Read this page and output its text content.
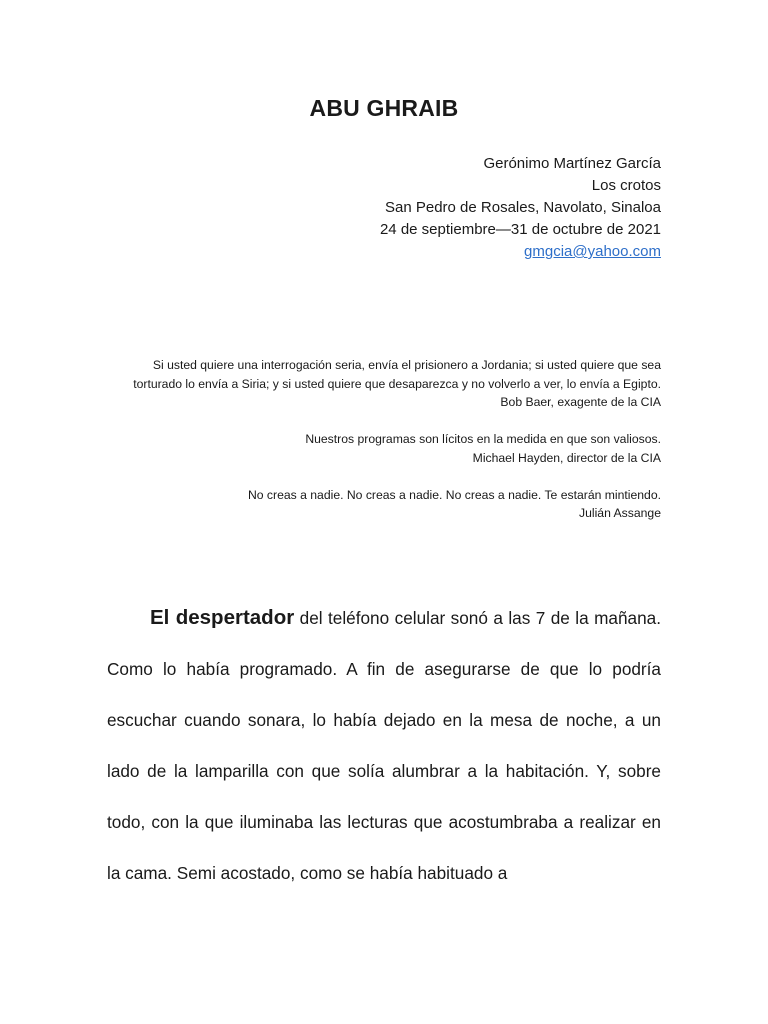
ABU GHRAIB
Gerónimo Martínez García
Los crotos
San Pedro de Rosales, Navolato, Sinaloa
24 de septiembre—31 de octubre de 2021
gmgcia@yahoo.com

Si usted quiere una interrogación seria, envía el prisionero a Jordania; si usted quiere que sea torturado lo envía a Siria; y si usted quiere que desaparezca y no volverlo a ver, lo envía a Egipto.

Bob Baer, exagente de la CIA

Nuestros programas son lícitos en la medida en que son valiosos.

Michael Hayden, director de la CIA

No creas a nadie. No creas a nadie. No creas a nadie. Te estarán mintiendo.

Julián Assange

El despertador del teléfono celular sonó a las 7 de la mañana. Como lo había programado. A fin de asegurarse de que lo podría escuchar cuando sonara, lo había dejado en la mesa de noche, a un lado de la lamparilla con que solía alumbrar a la habitación. Y, sobre todo, con la que iluminaba las lecturas que acostumbraba a realizar en la cama. Semi acostado, como se había habituado a
